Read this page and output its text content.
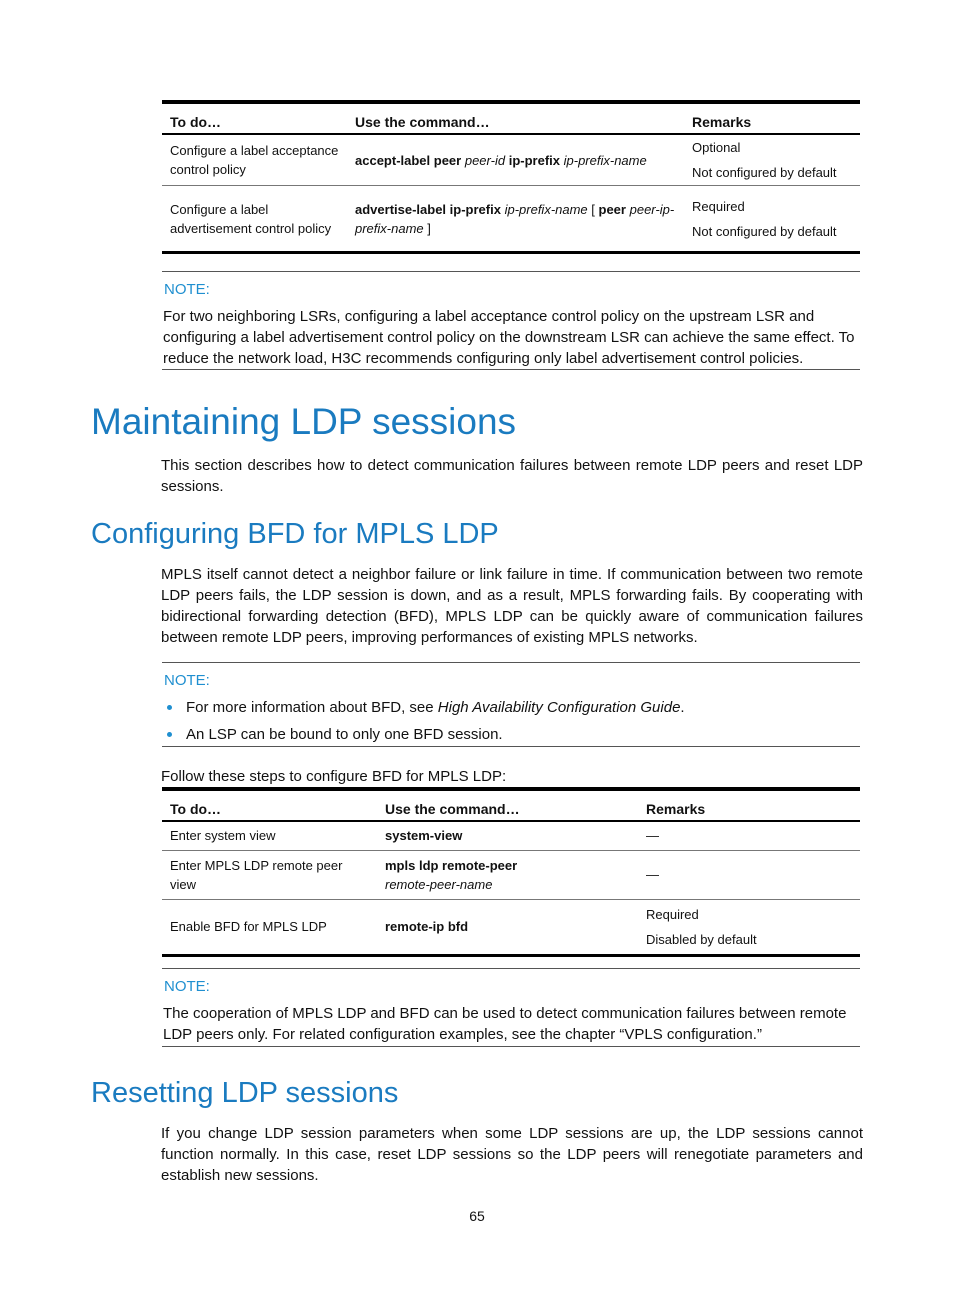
To do…	Use the command…	Remarks
Configure a label acceptance control policy	accept-label peer peer-id ip-prefix ip-prefix-name	Optional

Not configured by default

Configure a label advertisement control policy	advertise-label ip-prefix ip-prefix-name [ peer peer-ip-prefix-name ]	Required

Not configured by default

NOTE:
For two neighboring LSRs, configuring a label acceptance control policy on the upstream LSR and configuring a label advertisement control policy on the downstream LSR can achieve the same effect. To reduce the network load, H3C recommends configuring only label advertisement control policies.
Maintaining LDP sessions

This section describes how to detect communication failures between remote LDP peers and reset LDP sessions.

Configuring BFD for MPLS LDP

MPLS itself cannot detect a neighbor failure or link failure in time. If communication between two remote LDP peers fails, the LDP session is down, and as a result, MPLS forwarding fails. By cooperating with bidirectional forwarding detection (BFD), MPLS LDP can be quickly aware of communication failures between remote LDP peers, improving performances of existing MPLS networks.

NOTE:
For more information about BFD, see High Availability Configuration Guide.
An LSP can be bound to only one BFD session.

Follow these steps to configure BFD for MPLS LDP:

To do…	Use the command…	Remarks
Enter system view	system-view	—

Enter MPLS LDP remote peer view	mpls ldp remote-peer
remote-peer-name	—

Enable BFD for MPLS LDP	remote-ip bfd	Required

Disabled by default

NOTE:
The cooperation of MPLS LDP and BFD can be used to detect communication failures between remote LDP peers only. For related configuration examples, see the chapter “VPLS configuration.”
Resetting LDP sessions

If you change LDP session parameters when some LDP sessions are up, the LDP sessions cannot function normally. In this case, reset LDP sessions so the LDP peers will renegotiate parameters and establish new sessions.

65
